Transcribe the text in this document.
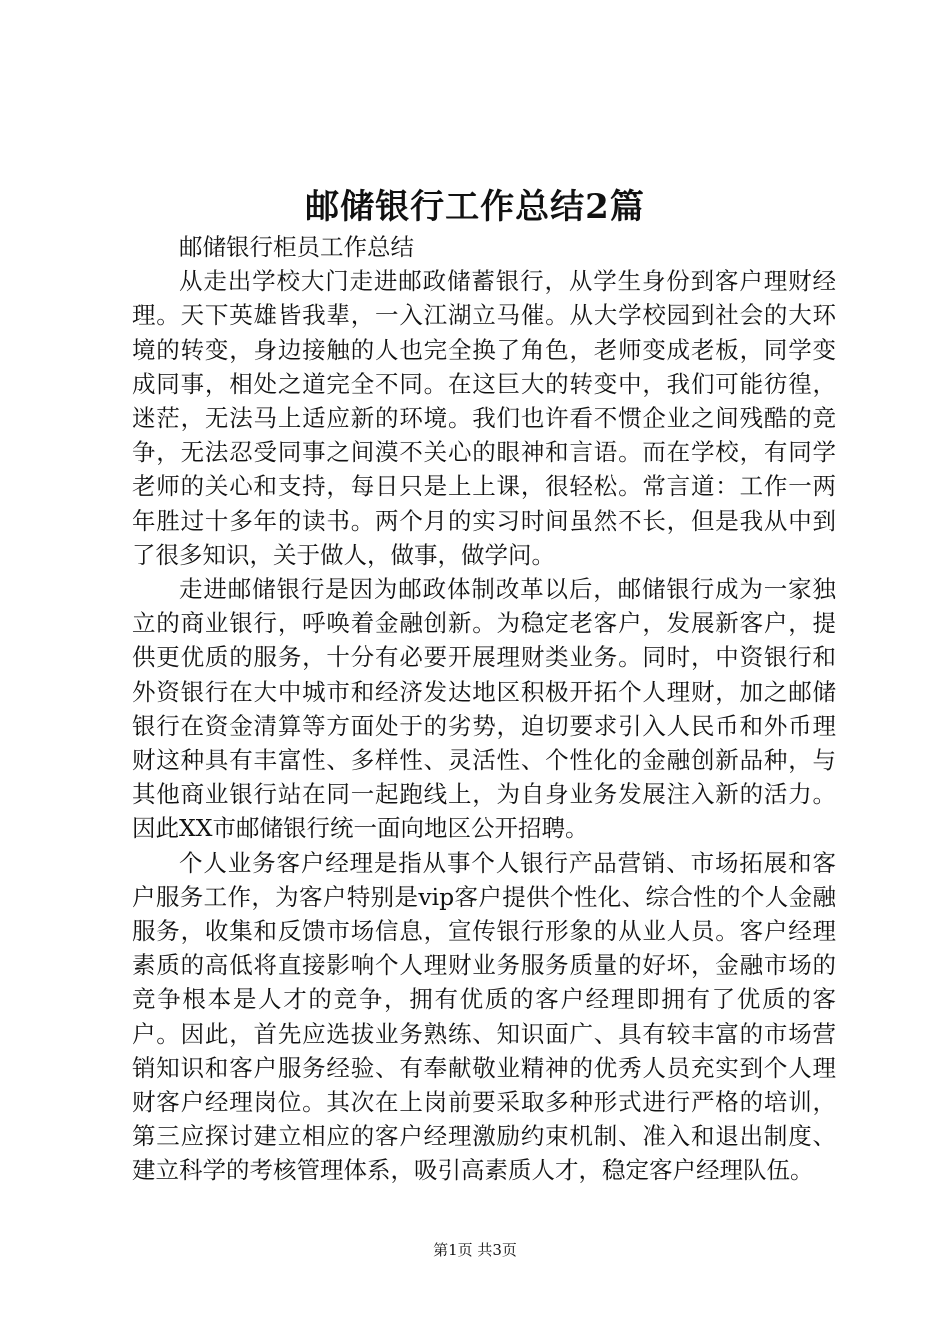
邮储银行工作总结2篇

邮储银行柜员工作总结

从走出学校大门走进邮政储蓄银行，从学生身份到客户理财经理。天下英雄皆我辈，一入江湖立马催。从大学校园到社会的大环境的转变，身边接触的人也完全换了角色，老师变成老板，同学变成同事，相处之道完全不同。在这巨大的转变中，我们可能彷徨，迷茫，无法马上适应新的环境。我们也许看不惯企业之间残酷的竞争，无法忍受同事之间漠不关心的眼神和言语。而在学校，有同学老师的关心和支持，每日只是上上课，很轻松。常言道：工作一两年胜过十多年的读书。两个月的实习时间虽然不长，但是我从中到了很多知识，关于做人，做事，做学问。

走进邮储银行是因为邮政体制改革以后，邮储银行成为一家独立的商业银行，呼唤着金融创新。为稳定老客户，发展新客户，提供更优质的服务，十分有必要开展理财类业务。同时，中资银行和外资银行在大中城市和经济发达地区积极开拓个人理财，加之邮储银行在资金清算等方面处于的劣势，迫切要求引入人民币和外币理财这种具有丰富性、多样性、灵活性、个性化的金融创新品种，与其他商业银行站在同一起跑线上，为自身业务发展注入新的活力。因此XX市邮储银行统一面向地区公开招聘。

个人业务客户经理是指从事个人银行产品营销、市场拓展和客户服务工作，为客户特别是vip客户提供个性化、综合性的个人金融服务，收集和反馈市场信息，宣传银行形象的从业人员。客户经理素质的高低将直接影响个人理财业务服务质量的好坏，金融市场的竞争根本是人才的竞争，拥有优质的客户经理即拥有了优质的客户。因此，首先应选拔业务熟练、知识面广、具有较丰富的市场营销知识和客户服务经验、有奉献敬业精神的优秀人员充实到个人理财客户经理岗位。其次在上岗前要采取多种形式进行严格的培训，第三应探讨建立相应的客户经理激励约束机制、准入和退出制度、建立科学的考核管理体系，吸引高素质人才，稳定客户经理队伍。

第1页 共3页
